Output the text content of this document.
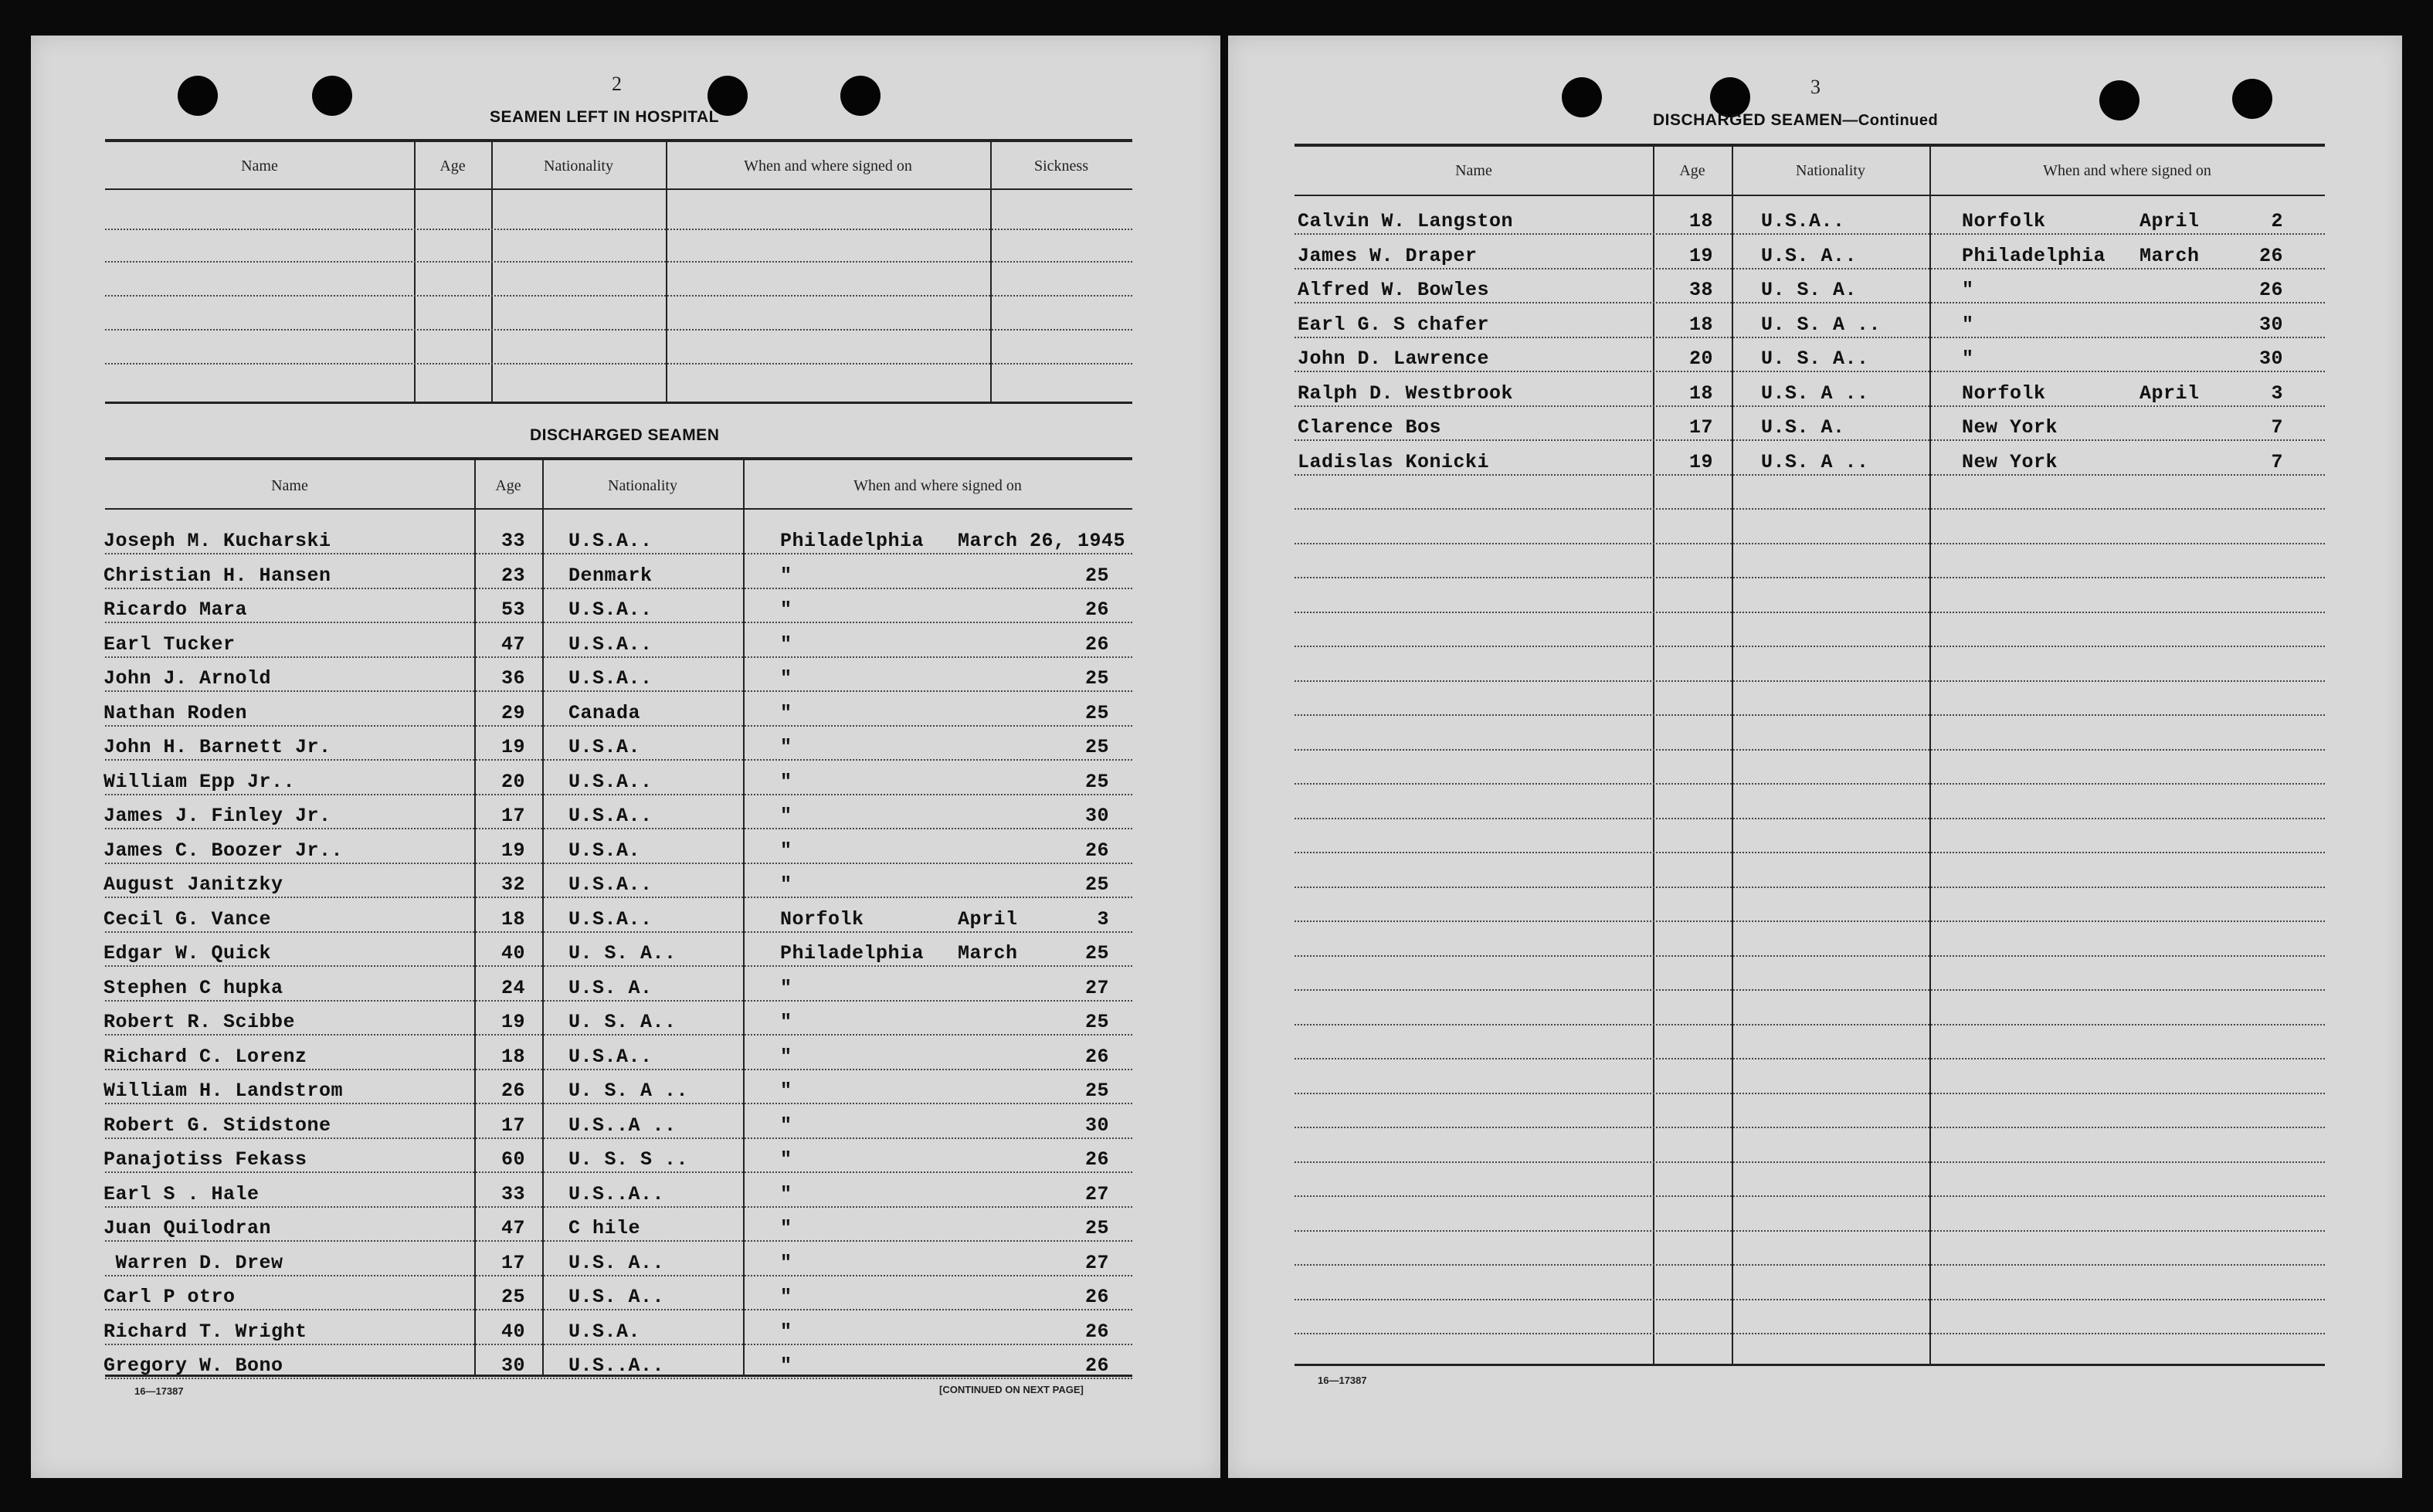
2
SEAMEN LEFT IN HOSPITAL
Name	Age	Nationality	When and where signed on	Sickness
DISCHARGED SEAMEN
Name	Age	Nationality	When and where signed on
Joseph M. Kucharski	33 U.S.A..	Philadelphia March 26, 1945
Christian H. Hansen	23 Denmark	"	25
Ricardo Mara	53 U.S.A..	"	26
Earl Tucker	47 U.S.A..	"	26
John J. Arnold	36 U.S.A..	"	25
Nathan Roden	29 Canada	"	25
John H. Barnett Jr.	19 U.S.A.	"	25
William Epp Jr..	20 U.S.A..	"	25
James J. Finley Jr.	17 U.S.A..	"	30
James C. Boozer Jr..	19 U.S.A.	"	26
August Janitzky	32 U.S.A..	"	25
Cecil G. Vance	18 U.S.A..	Norfolk	April	3
Edgar W. Quick	40 U. S. A..	Philadelphia March	25
Stephen C hupka	24 U.S. A.	"	27
Robert R. Scibbe	19 U. S. A..	"	25
Richard C. Lorenz	18 U.S.A..	"	26
William H. Landstrom	26 U. S. A ..	"	25
Robert G. Stidstone	17 U.S..A ..	"	30
Panajotiss Fekass	60 U. S. S ..	"	26
Earl S . Hale	33 U.S..A..	"	27
Juan Quilodran	47 C hile	"	25
Warren D. Drew	17 U.S. A..	"	27
Carl P otro	25 U.S. A..	"	26
Richard T. Wright	40 U.S.A.	"	26
Gregory W. Bono	30 U.S..A..	"	26
16—17387	[CONTINUED ON NEXT PAGE]
3
DISCHARGED SEAMEN—Continued
Name	Age	Nationality	When and where signed on
Calvin W. Langston	18 U.S.A..	Norfolk	April	2
James W. Draper	19 U.S. A..	Philadelphia March	26
Alfred W. Bowles	38 U. S. A.	"	26
Earl G. S chafer	18 U. S. A ..	"	30
John D. Lawrence	20 U. S. A..	"	30
Ralph D. Westbrook	18 U.S. A ..	Norfolk	April	3
Clarence Bos	17 U.S. A.	New York	7
Ladislas Konicki	19 U.S. A ..	New York	7
16—17387
